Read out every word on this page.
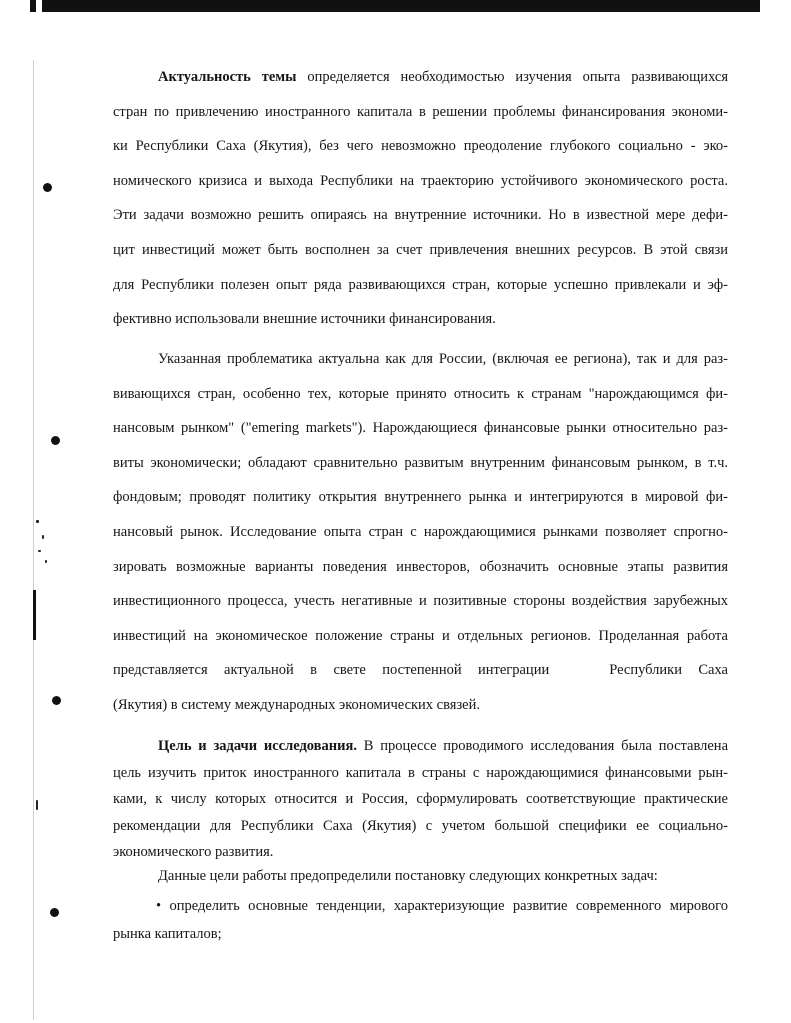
Актуальность темы определяется необходимостью изучения опыта развивающихся
стран по привлечению иностранного капитала в решении проблемы финансирования экономи-
ки Республики Саха (Якутия), без чего невозможно преодоление глубокого социально - эко-
номического кризиса и выхода Республики на траекторию устойчивого экономического роста.
Эти задачи возможно решить опираясь на внутренние источники. Но в известной мере дефи-
цит инвестиций может быть восполнен за счет привлечения внешних ресурсов. В этой связи
для Республики полезен опыт ряда развивающихся стран, которые успешно привлекали и эф-
фективно использовали внешние источники финансирования.
Указанная проблематика актуальна как для России, (включая ее региона), так и для раз-
вивающихся стран, особенно тех, которые принято относить к странам "нарождающимся фи-
нансовым рынком" ("emering markets"). Нарождающиеся финансовые рынки относительно раз-
виты экономически; обладают сравнительно развитым внутренним финансовым рынком, в т.ч.
фондовым; проводят политику открытия внутреннего рынка и интегрируются в мировой фи-
нансовый рынок. Исследование опыта стран с нарождающимися рынками позволяет спрогно-
зировать возможные варианты поведения инвесторов, обозначить основные этапы развития
инвестиционного процесса, учесть негативные и позитивные стороны воздействия зарубежных
инвестиций на экономическое положение страны и отдельных регионов. Проделанная работа
представляется актуальной в свете постепенной интеграции	Республики Саха
(Якутия) в систему международных экономических связей.
Цель и задачи исследования. В процессе проводимого исследования была поставлена
цель изучить приток иностранного капитала в страны с нарождающимися финансовыми рын-
ками, к числу которых относится и Россия, сформулировать соответствующие практические
рекомендации для Республики Саха (Якутия) с учетом большой специфики ее социально-
экономического развития.
Данные цели работы предопределили постановку следующих конкретных задач:
• определить основные тенденции, характеризующие развитие современного мирового
рынка капиталов;
